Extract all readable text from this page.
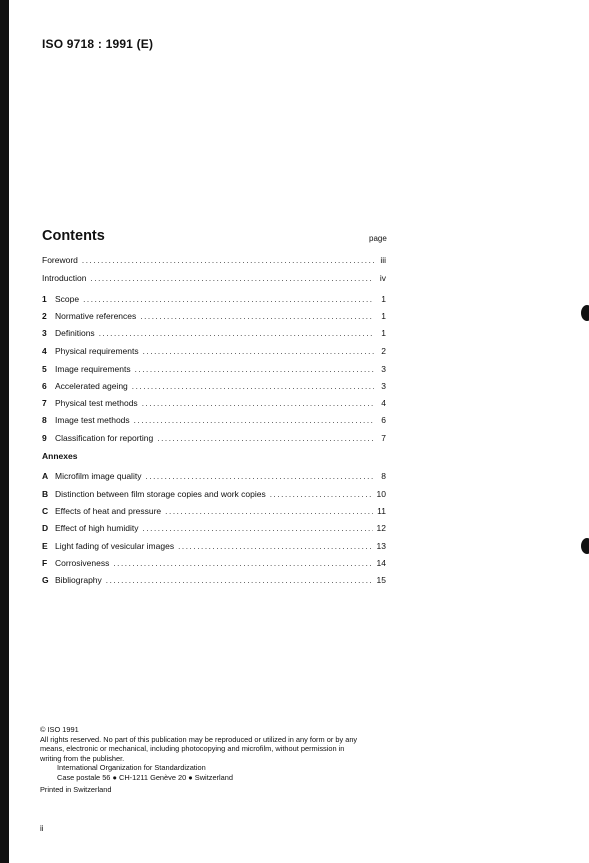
ISO 9718 : 1991 (E)
Contents	page
Foreword .....	iii
Introduction .....	iv
1 Scope .....	1
2 Normative references .....	1
3 Definitions .....	1
4 Physical requirements .....	2
5 Image requirements .....	3
6 Accelerated ageing .....	3
7 Physical test methods .....	4
8 Image test methods .....	6
9 Classification for reporting .....	7
Annexes
A Microfilm image quality .....	8
B Distinction between film storage copies and work copies .....	10
C Effects of heat and pressure .....	11
D Effect of high humidity .....	12
E Light fading of vesicular images .....	13
F Corrosiveness .....	14
G Bibliography .....	15
© ISO 1991
All rights reserved. No part of this publication may be reproduced or utilized in any form or by any
means, electronic or mechanical, including photocopying and microfilm, without permission in
writing from the publisher.
International Organization for Standardization
Case postale 56 ● CH-1211 Genève 20 ● Switzerland
Printed in Switzerland
ii
